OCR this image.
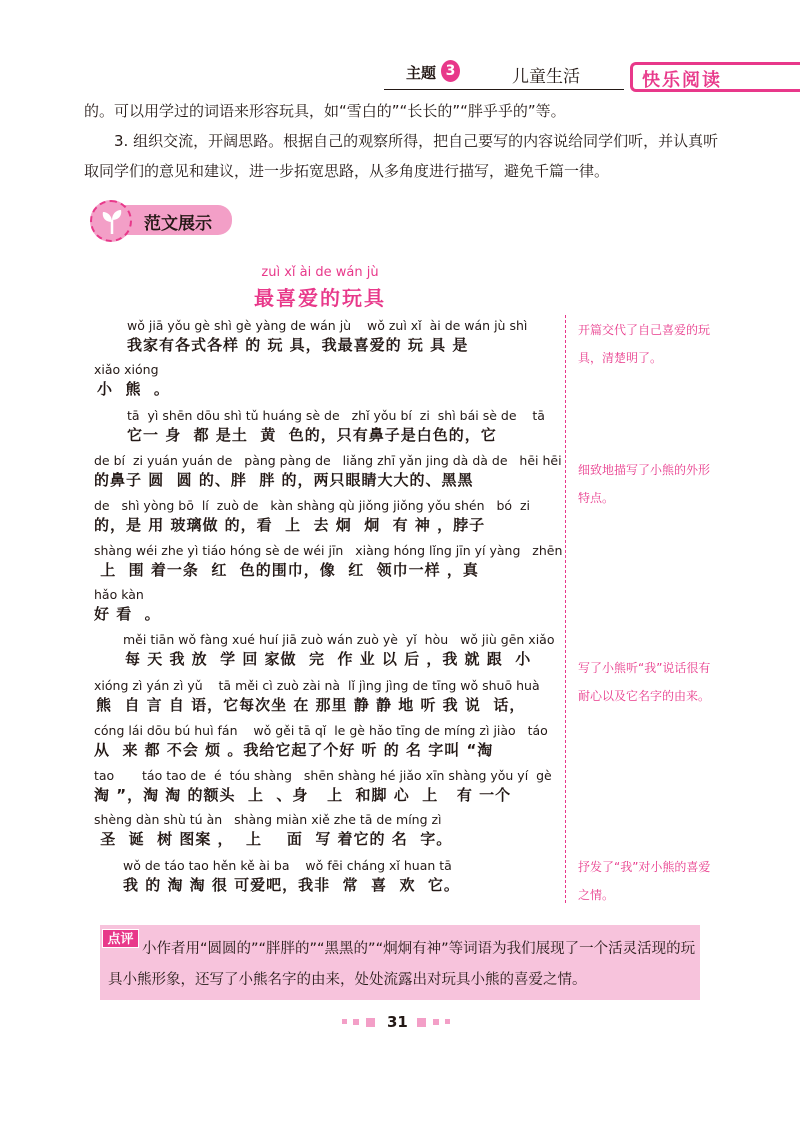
主题 3	儿童生活	快乐阅读

的。可以用学过的词语来形容玩具，如“雪白的”“长长的”“胖乎乎的”等。

3. 组织交流，开阔思路。根据自己的观察所得，把自己要写的内容说给同学们听，并认真听取同学们的意见和建议，进一步拓宽思路，从多角度进行描写，避免千篇一律。

范文展示
zuì xǐ ài de wán jù
最喜爱的玩具
wǒ jiā yǒu gè shì gè yàng de wán jù    wǒ zuì xǐ  ài de wán jù shì
我家有各式各样 的 玩 具，我最喜爱的 玩 具 是
xiǎo xióng
小  熊  。
tā  yì shēn dōu shì tǔ huáng sè de   zhǐ yǒu bí  zi  shì bái sè de    tā
它一 身  都 是土  黄  色的，只有鼻子是白色的，它
de bí  zi yuán yuán de   pàng pàng de   liǎng zhī yǎn jing dà dà de   hēi hēi
的鼻子 圆  圆 的、胖  胖 的，两只眼睛大大的、黑黑
de   shì yòng bō  lí  zuò de   kàn shàng qù jiǒng jiǒng yǒu shén   bó  zi
的，是 用 玻璃做 的，看  上  去 炯  炯  有 神 ，脖子
shàng wéi zhe yì tiáo hóng sè de wéi jīn   xiàng hóng lǐng jīn yí yàng   zhēn
上  围 着一条  红  色的围巾，像  红  领巾一样 ，真
hǎo kàn
好 看  。
měi tiān wǒ fàng xué huí jiā zuò wán zuò yè  yǐ  hòu   wǒ jiù gēn xiǎo
每 天 我 放  学 回 家做  完  作 业 以 后 ，我 就 跟  小
xióng zì yán zì yǔ    tā měi cì zuò zài nà  lǐ jìng jìng de tīng wǒ shuō huà
熊  自 言 自 语，它每次坐 在 那里 静 静 地 听 我 说  话，
cóng lái dōu bú huì fán    wǒ gěi tā qǐ  le gè hǎo tīng de míng zì jiào   táo
从  来 都 不会 烦 。我给它起了个好 听 的 名 字叫 “淘
tao       táo tao de  é  tóu shàng   shēn shàng hé jiǎo xīn shàng yǒu yí  gè
淘 ”，淘 淘 的额头  上  、身   上  和脚 心  上   有 一个
shèng dàn shù tú àn   shàng miàn xiě zhe tā de míng zì
圣  诞  树 图案 ，  上    面  写 着它的 名  字。
wǒ de táo tao hěn kě ài ba    wǒ fēi cháng xǐ huan tā
我 的 淘 淘 很 可爱吧，我非  常  喜  欢  它。
开篇交代了自己喜爱的玩具，清楚明了。
细致地描写了小熊的外形特点。
写了小熊听“我”说话很有耐心以及它名字的由来。
抒发了“我”对小熊的喜爱之情。
点评

小作者用“圆圆的”“胖胖的”“黑黑的”“炯炯有神”等词语为我们展现了一个活灵活现的玩具小熊形象，还写了小熊名字的由来，处处流露出对玩具小熊的喜爱之情。

31
